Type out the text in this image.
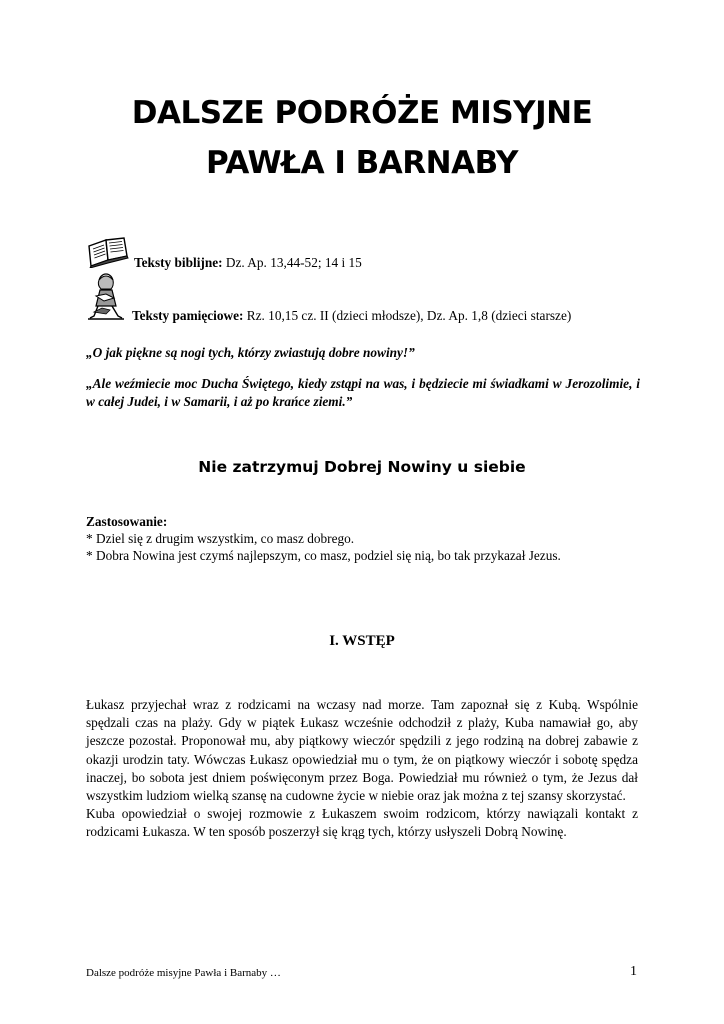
DALSZE PODRÓŻE MISYJNE
PAWŁA I BARNABY
Teksty biblijne: Dz. Ap. 13,44-52; 14 i 15
Teksty pamięciowe: Rz. 10,15 cz. II (dzieci młodsze), Dz. Ap. 1,8 (dzieci starsze)
„O jak piękne są nogi tych, którzy zwiastują dobre nowiny!”
„Ale weźmiecie moc Ducha Świętego, kiedy zstąpi na was, i będziecie mi świadkami w Jerozolimie, i w całej Judei, i w Samarii, i aż po krańce ziemi.”
Nie zatrzymuj Dobrej Nowiny u siebie
Zastosowanie:
* Dziel się z drugim wszystkim, co masz dobrego.
* Dobra Nowina jest czymś najlepszym, co masz, podziel się nią, bo tak przykazał Jezus.
I. WSTĘP

Łukasz przyjechał wraz z rodzicami na wczasy nad morze. Tam zapoznał się z Kubą. Wspólnie spędzali czas na plaży. Gdy w piątek Łukasz wcześnie odchodził z plaży, Kuba namawiał go, aby jeszcze pozostał. Proponował mu, aby piątkowy wieczór spędzili z jego rodziną na dobrej zabawie z okazji urodzin taty. Wówczas Łukasz opowiedział mu o tym, że on piątkowy wieczór i sobotę spędza inaczej, bo sobota jest dniem poświęconym przez Boga. Powiedział mu również o tym, że Jezus dał wszystkim ludziom wielką szansę na cudowne życie w niebie oraz jak można z tej szansy skorzystać.

Kuba opowiedział o swojej rozmowie z Łukaszem swoim rodzicom, którzy nawiązali kontakt z rodzicami Łukasza. W ten sposób poszerzył się krąg tych, którzy usłyszeli Dobrą Nowinę.

Dalsze podróże misyjne Pawła i Barnaby …	1
